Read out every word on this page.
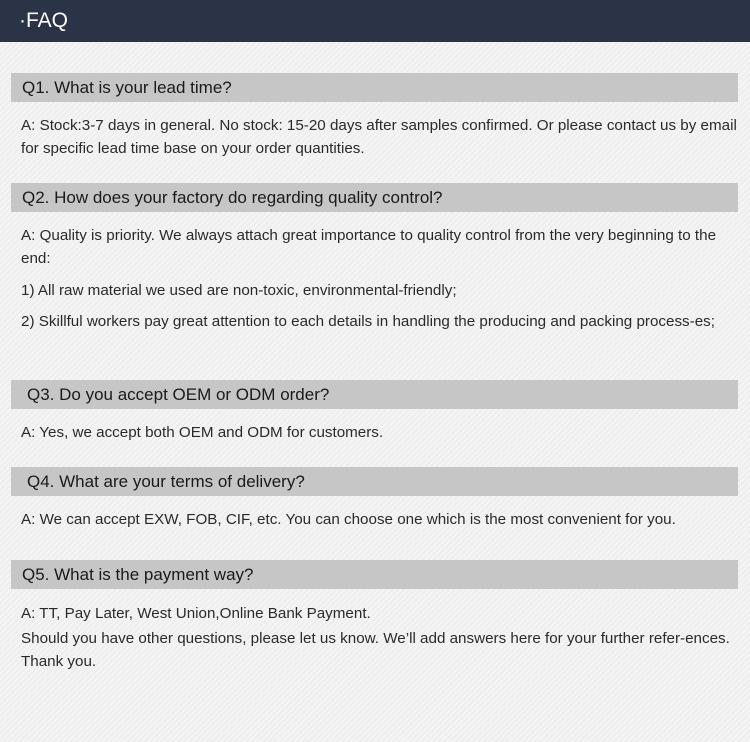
·FAQ
Q1. What is your lead time?

A: Stock:3-7 days in general. No stock: 15-20 days after samples confirmed. Or please contact us by email for specific lead time base on your order quantities.

Q2. How does your factory do regarding quality control?

A: Quality is priority. We always attach great importance to quality control from the very beginning to the end:

1) All raw material we used are non-toxic, environmental-friendly;

2) Skillful workers pay great attention to each details in handling the producing and packing process-es;

Q3. Do you accept OEM or ODM order?

A: Yes, we accept both OEM and ODM for customers.

Q4. What are your terms of delivery?

A: We can accept EXW, FOB, CIF, etc. You can choose one which is the most convenient for you.

Q5. What is the payment way?

A: TT, Pay Later, West Union,Online Bank Payment.

Should you have other questions, please let us know. We’ll add answers here for your further refer-ences. Thank you.
